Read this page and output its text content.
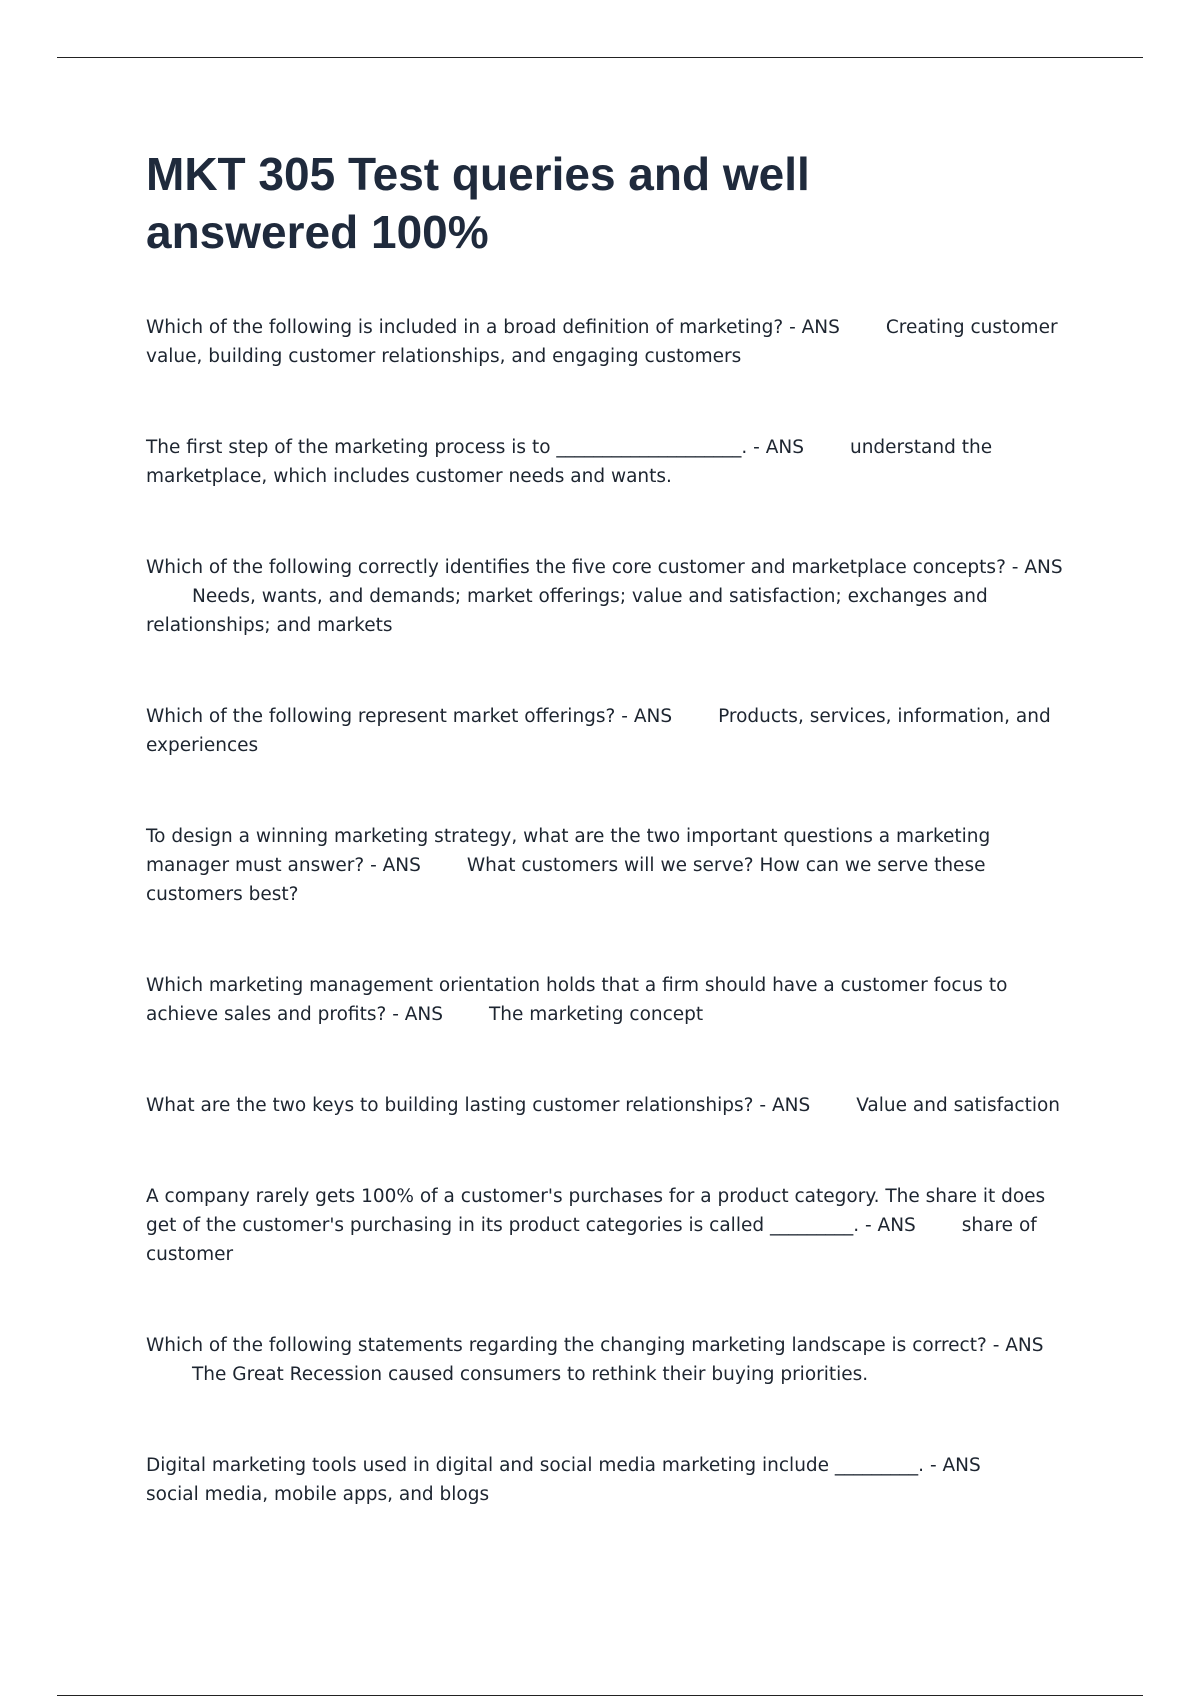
MKT 305 Test queries and well answered 100%
Which of the following is included in a broad definition of marketing? - ANS Creating customer value, building customer relationships, and engaging customers
The first step of the marketing process is to ____________________. - ANS understand the marketplace, which includes customer needs and wants.
Which of the following correctly identifies the five core customer and marketplace concepts? - ANSNeeds, wants, and demands; market offerings; value and satisfaction; exchanges and relationships; and markets
Which of the following represent market offerings? - ANS Products, services, information, and experiences
To design a winning marketing strategy, what are the two important questions a marketing manager must answer? - ANS What customers will we serve? How can we serve these customers best?
Which marketing management orientation holds that a firm should have a customer focus to achieve sales and profits? - ANS The marketing concept
What are the two keys to building lasting customer relationships? - ANS Value and satisfaction
A company rarely gets 100% of a customer's purchases for a product category. The share it does get of the customer's purchasing in its product categories is called _________. - ANS share of customer
Which of the following statements regarding the changing marketing landscape is correct? - ANSThe Great Recession caused consumers to rethink their buying priorities.
Digital marketing tools used in digital and social media marketing include _________. - ANSsocial media, mobile apps, and blogs
